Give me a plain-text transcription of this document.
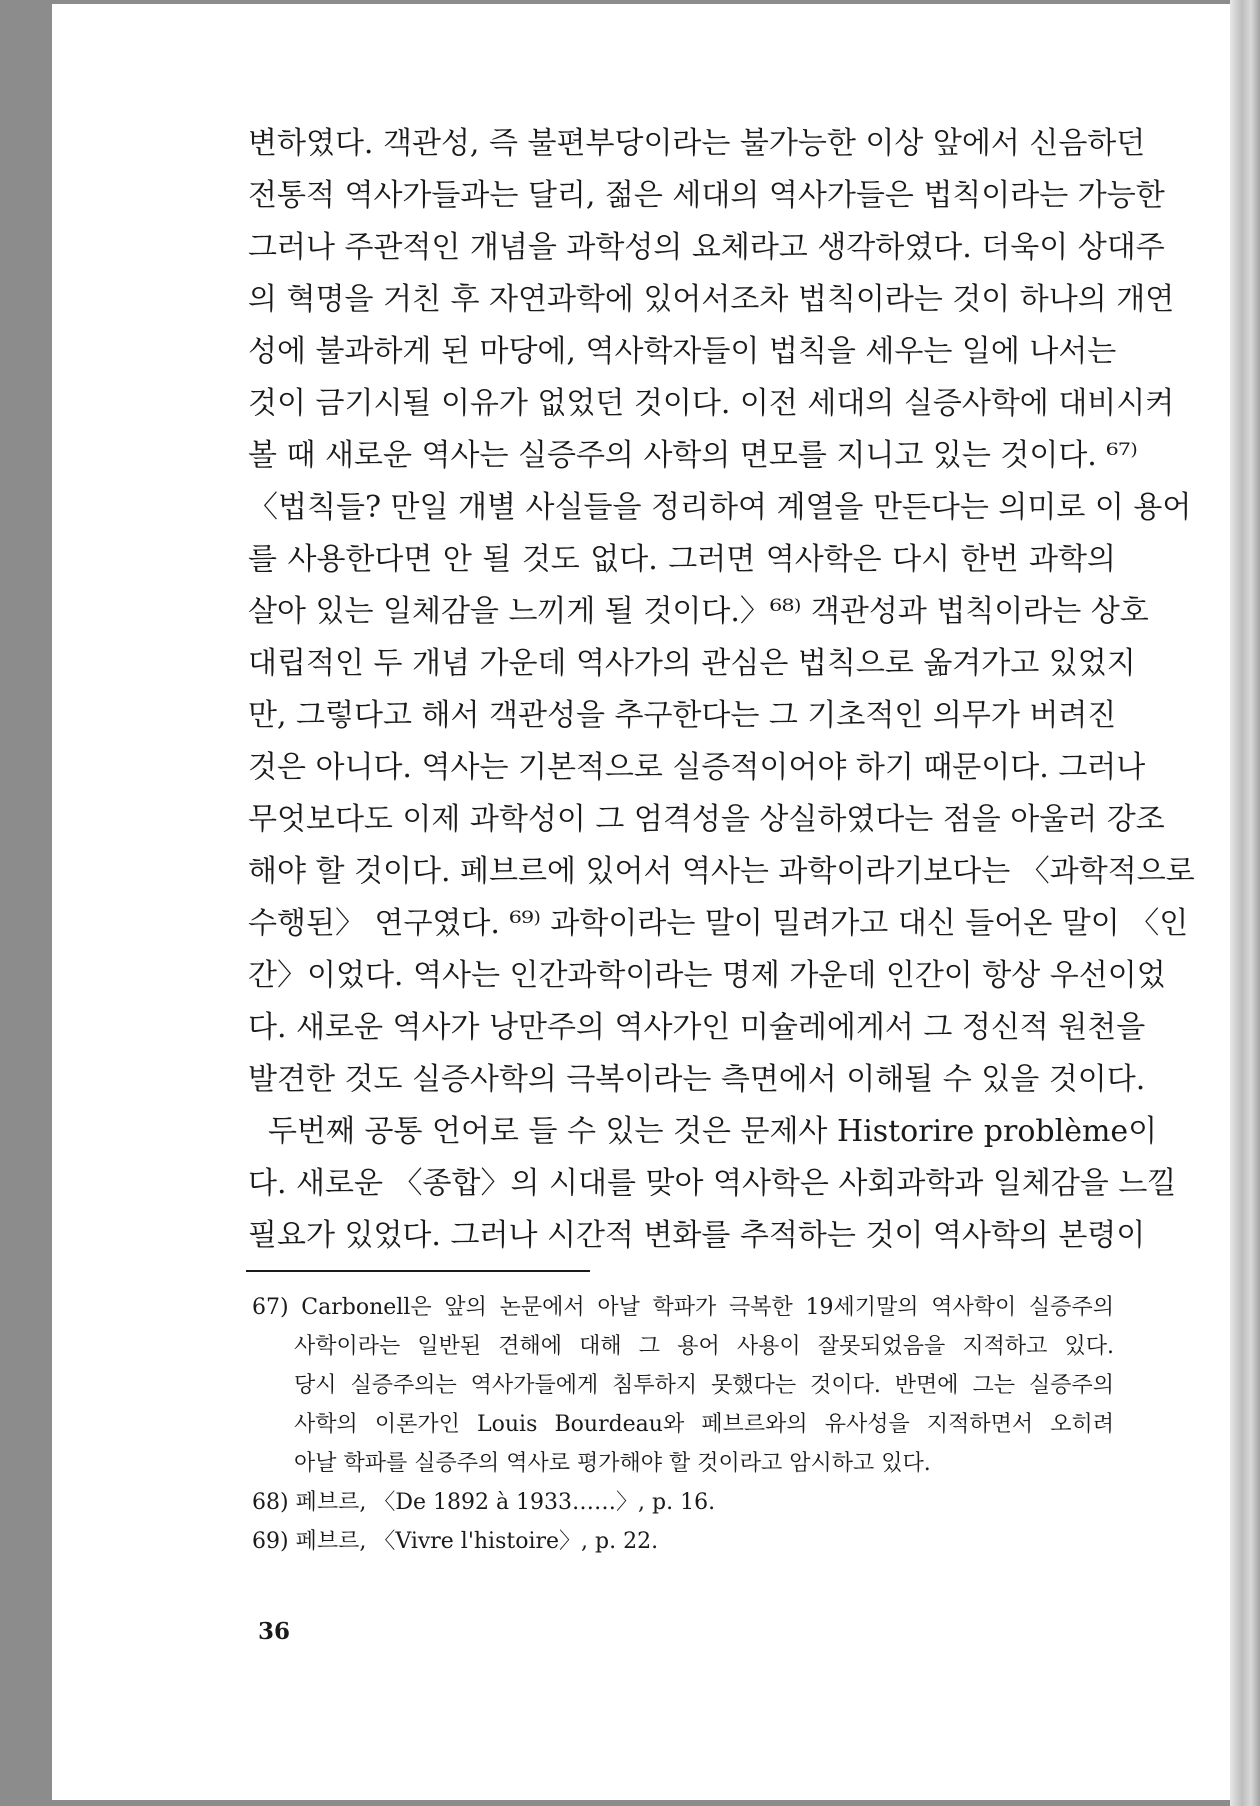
변하였다. 객관성, 즉 불편부당이라는 불가능한 이상 앞에서 신음하던
전통적 역사가들과는 달리, 젊은 세대의 역사가들은 법칙이라는 가능한
그러나 주관적인 개념을 과학성의 요체라고 생각하였다. 더욱이 상대주
의 혁명을 거친 후 자연과학에 있어서조차 법칙이라는 것이 하나의 개연
성에 불과하게 된 마당에, 역사학자들이 법칙을 세우는 일에 나서는
것이 금기시될 이유가 없었던 것이다. 이전 세대의 실증사학에 대비시켜
볼 때 새로운 역사는 실증주의 사학의 면모를 지니고 있는 것이다. ⁶⁷⁾
〈법칙들? 만일 개별 사실들을 정리하여 계열을 만든다는 의미로 이 용어
를 사용한다면 안 될 것도 없다. 그러면 역사학은 다시 한번 과학의
살아 있는 일체감을 느끼게 될 것이다.〉⁶⁸⁾ 객관성과 법칙이라는 상호
대립적인 두 개념 가운데 역사가의 관심은 법칙으로 옮겨가고 있었지
만, 그렇다고 해서 객관성을 추구한다는 그 기초적인 의무가 버려진
것은 아니다. 역사는 기본적으로 실증적이어야 하기 때문이다. 그러나
무엇보다도 이제 과학성이 그 엄격성을 상실하였다는 점을 아울러 강조
해야 할 것이다. 페브르에 있어서 역사는 과학이라기보다는 〈과학적으로
수행된〉 연구였다. ⁶⁹⁾ 과학이라는 말이 밀려가고 대신 들어온 말이 〈인
간〉이었다. 역사는 인간과학이라는 명제 가운데 인간이 항상 우선이었
다. 새로운 역사가 낭만주의 역사가인 미슐레에게서 그 정신적 원천을
발견한 것도 실증사학의 극복이라는 측면에서 이해될 수 있을 것이다.
두번째 공통 언어로 들 수 있는 것은 문제사 Historire problème이
다. 새로운 〈종합〉의 시대를 맞아 역사학은 사회과학과 일체감을 느낄
필요가 있었다. 그러나 시간적 변화를 추적하는 것이 역사학의 본령이
67) Carbonell은 앞의 논문에서 아날 학파가 극복한 19세기말의 역사학이 실증주의
사학이라는 일반된 견해에 대해 그 용어 사용이 잘못되었음을 지적하고 있다.
당시 실증주의는 역사가들에게 침투하지 못했다는 것이다. 반면에 그는 실증주의
사학의 이론가인 Louis Bourdeau와 페브르와의 유사성을 지적하면서 오히려
아날 학파를 실증주의 역사로 평가해야 할 것이라고 암시하고 있다.
68) 페브르, 〈De 1892 à 1933……〉, p. 16.
69) 페브르, 〈Vivre l'histoire〉, p. 22.
36
